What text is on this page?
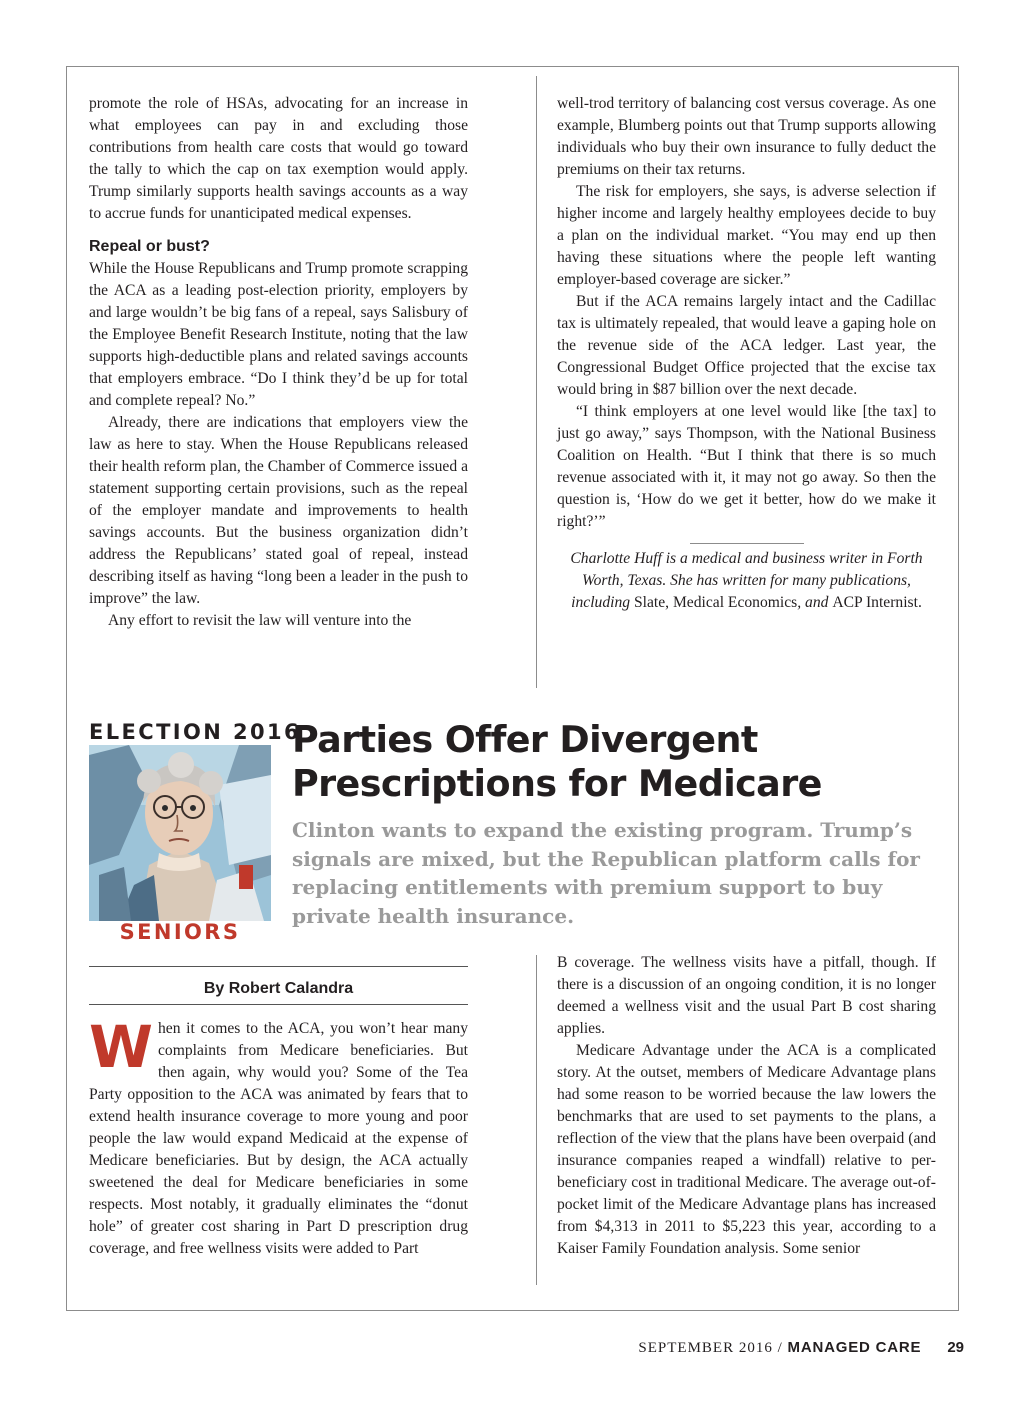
promote the role of HSAs, advocating for an increase in what employees can pay in and excluding those contributions from health care costs that would go toward the tally to which the cap on tax exemption would apply. Trump similarly supports health savings accounts as a way to accrue funds for unanticipated medical expenses.

Repeal or bust?

While the House Republicans and Trump promote scrapping the ACA as a leading post-election priority, employers by and large wouldn’t be big fans of a repeal, says Salisbury of the Employee Benefit Research Institute, noting that the law supports high-deductible plans and related savings accounts that employers embrace. “Do I think they’d be up for total and complete repeal? No.”

Already, there are indications that employers view the law as here to stay. When the House Republicans released their health reform plan, the Chamber of Commerce issued a statement supporting certain provisions, such as the repeal of the employer mandate and improvements to health savings accounts. But the business organization didn’t address the Republicans’ stated goal of repeal, instead describing itself as having “long been a leader in the push to improve” the law.

Any effort to revisit the law will venture into the

well-trod territory of balancing cost versus coverage. As one example, Blumberg points out that Trump supports allowing individuals who buy their own insurance to fully deduct the premiums on their tax returns.

The risk for employers, she says, is adverse selection if higher income and largely healthy employees decide to buy a plan on the individual market. “You may end up then having these situations where the people left wanting employer-based coverage are sicker.”

But if the ACA remains largely intact and the Cadillac tax is ultimately repealed, that would leave a gaping hole on the revenue side of the ACA ledger. Last year, the Congressional Budget Office projected that the excise tax would bring in $87 billion over the next decade.

“I think employers at one level would like [the tax] to just go away,” says Thompson, with the National Business Coalition on Health. “But I think that there is so much revenue associated with it, it may not go away. So then the question is, ‘How do we get it better, how do we make it right?’”

Charlotte Huff is a medical and business writer in Forth Worth, Texas. She has written for many publications, including Slate, Medical Economics, and ACP Internist.

ELECTION 2016
SENIORS
Parties Offer Divergent Prescriptions for Medicare

Clinton wants to expand the existing program. Trump’s signals are mixed, but the Republican platform calls for replacing entitlements with premium support to buy private health insurance.

By Robert Calandra

When it comes to the ACA, you won’t hear many complaints from Medicare beneficiaries. But then again, why would you? Some of the Tea Party opposition to the ACA was animated by fears that to extend health insurance coverage to more young and poor people the law would expand Medicaid at the expense of Medicare beneficiaries. But by design, the ACA actually sweetened the deal for Medicare beneficiaries in some respects. Most notably, it gradually eliminates the “donut hole” of greater cost sharing in Part D prescription drug coverage, and free wellness visits were added to Part

B coverage. The wellness visits have a pitfall, though. If there is a discussion of an ongoing condition, it is no longer deemed a wellness visit and the usual Part B cost sharing applies.

Medicare Advantage under the ACA is a complicated story. At the outset, members of Medicare Advantage plans had some reason to be worried because the law lowers the benchmarks that are used to set payments to the plans, a reflection of the view that the plans have been overpaid (and insurance companies reaped a windfall) relative to per-beneficiary cost in traditional Medicare. The average out-of-pocket limit of the Medicare Advantage plans has increased from $4,313 in 2011 to $5,223 this year, according to a Kaiser Family Foundation analysis. Some senior

SEPTEMBER 2016 / MANAGED CARE 29
